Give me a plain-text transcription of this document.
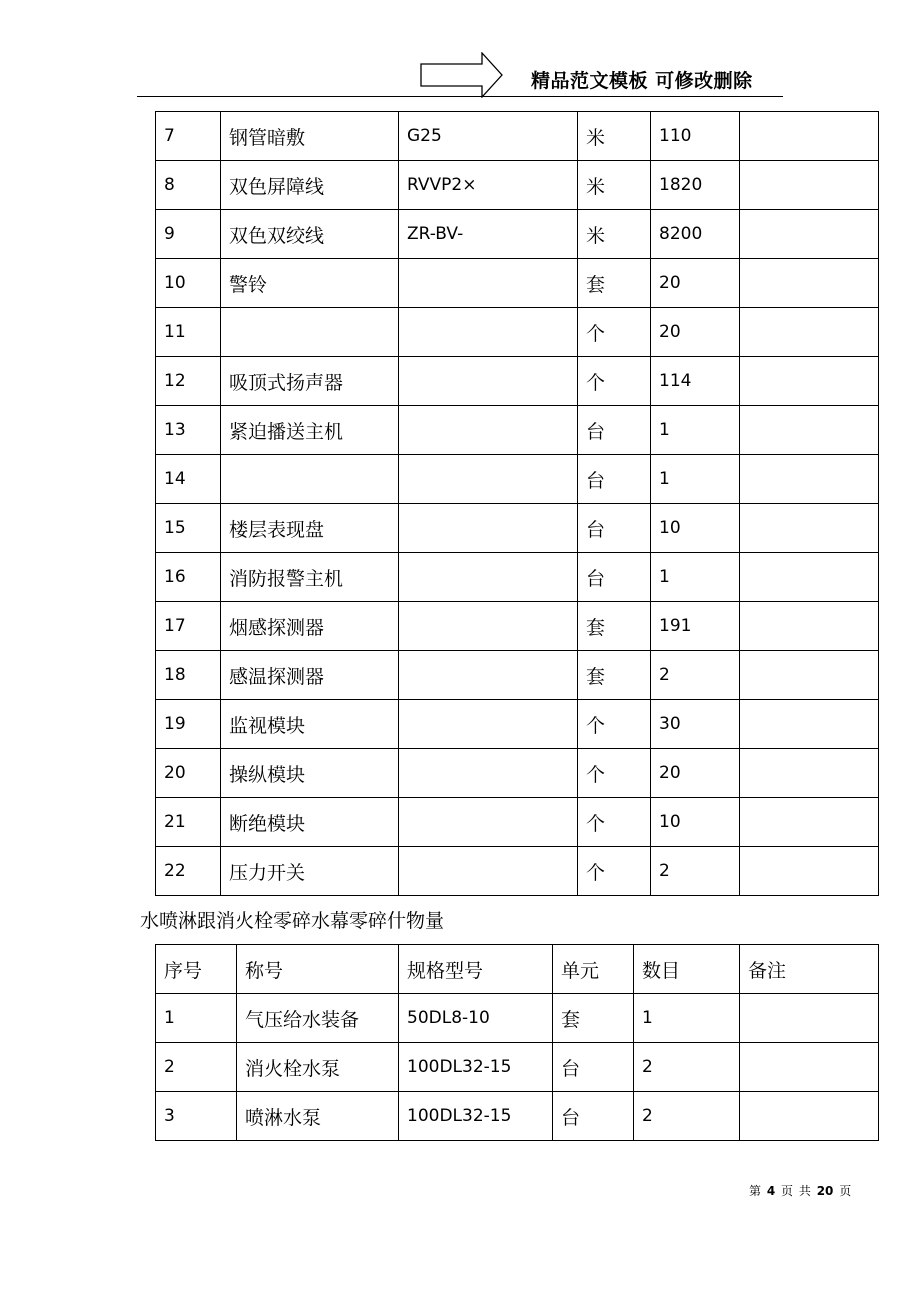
精品范文模板 可修改删除
7	钢管暗敷	G25	米	110	
8	双色屏障线	RVVP2×	米	1820	
9	双色双绞线	ZR-BV-	米	8200	
10	警铃		套	20	
11			个	20	
12	吸顶式扬声器		个	114	
13	紧迫播送主机		台	1	
14			台	1	
15	楼层表现盘		台	10	
16	消防报警主机		台	1	
17	烟感探测器		套	191	
18	感温探测器		套	2	
19	监视模块		个	30	
20	操纵模块		个	20	
21	断绝模块		个	10	
22	压力开关		个	2	
水喷淋跟消火栓零碎水幕零碎什物量
序号	称号	规格型号	单元	数目	备注
1	气压给水装备	50DL8-10	套	1	
2	消火栓水泵	100DL32-15	台	2	
3	喷淋水泵	100DL32-15	台	2	
第 4 页 共 20 页
